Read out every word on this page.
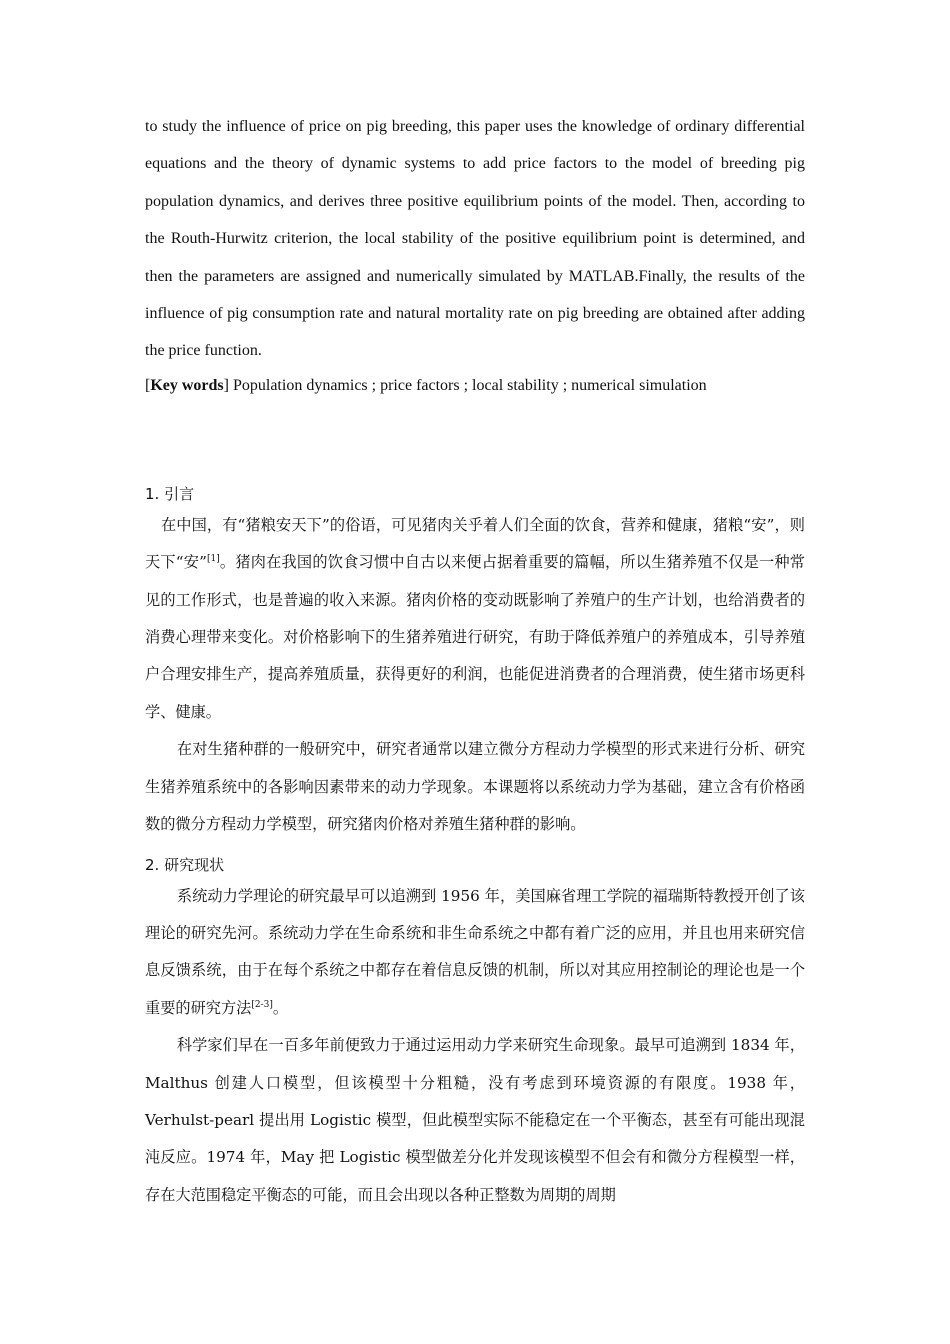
to study the influence of price on pig breeding, this paper uses the knowledge of ordinary differential equations and the theory of dynamic systems to add price factors to the model of breeding pig population dynamics, and derives three positive equilibrium points of the model. Then, according to the Routh-Hurwitz criterion, the local stability of the positive equilibrium point is determined, and then the parameters are assigned and numerically simulated by MATLAB.Finally, the results of the influence of pig consumption rate and natural mortality rate on pig breeding are obtained after adding the price function.

[Key words] Population dynamics ; price factors ; local stability ; numerical simulation

1. 引言

在中国，有“猪粮安天下”的俗语，可见猪肉关乎着人们全面的饮食，营养和健康，猪粮“安”，则天下“安”[1]。猪肉在我国的饮食习惯中自古以来便占据着重要的篇幅，所以生猪养殖不仅是一种常见的工作形式，也是普遍的收入来源。猪肉价格的变动既影响了养殖户的生产计划，也给消费者的消费心理带来变化。对价格影响下的生猪养殖进行研究，有助于降低养殖户的养殖成本，引导养殖户合理安排生产，提高养殖质量，获得更好的利润，也能促进消费者的合理消费，使生猪市场更科学、健康。

在对生猪种群的一般研究中，研究者通常以建立微分方程动力学模型的形式来进行分析、研究生猪养殖系统中的各影响因素带来的动力学现象。本课题将以系统动力学为基础，建立含有价格函数的微分方程动力学模型，研究猪肉价格对养殖生猪种群的影响。

2. 研究现状

系统动力学理论的研究最早可以追溯到 1956 年，美国麻省理工学院的福瑞斯特教授开创了该理论的研究先河。系统动力学在生命系统和非生命系统之中都有着广泛的应用，并且也用来研究信息反馈系统，由于在每个系统之中都存在着信息反馈的机制，所以对其应用控制论的理论也是一个重要的研究方法[2-3]。

科学家们早在一百多年前便致力于通过运用动力学来研究生命现象。最早可追溯到 1834 年，Malthus 创建人口模型，但该模型十分粗糙，没有考虑到环境资源的有限度。1938 年，Verhulst-pearl 提出用 Logistic 模型，但此模型实际不能稳定在一个平衡态，甚至有可能出现混沌反应。1974 年，May 把 Logistic 模型做差分化并发现该模型不但会有和微分方程模型一样，存在大范围稳定平衡态的可能，而且会出现以各种正整数为周期的周期
